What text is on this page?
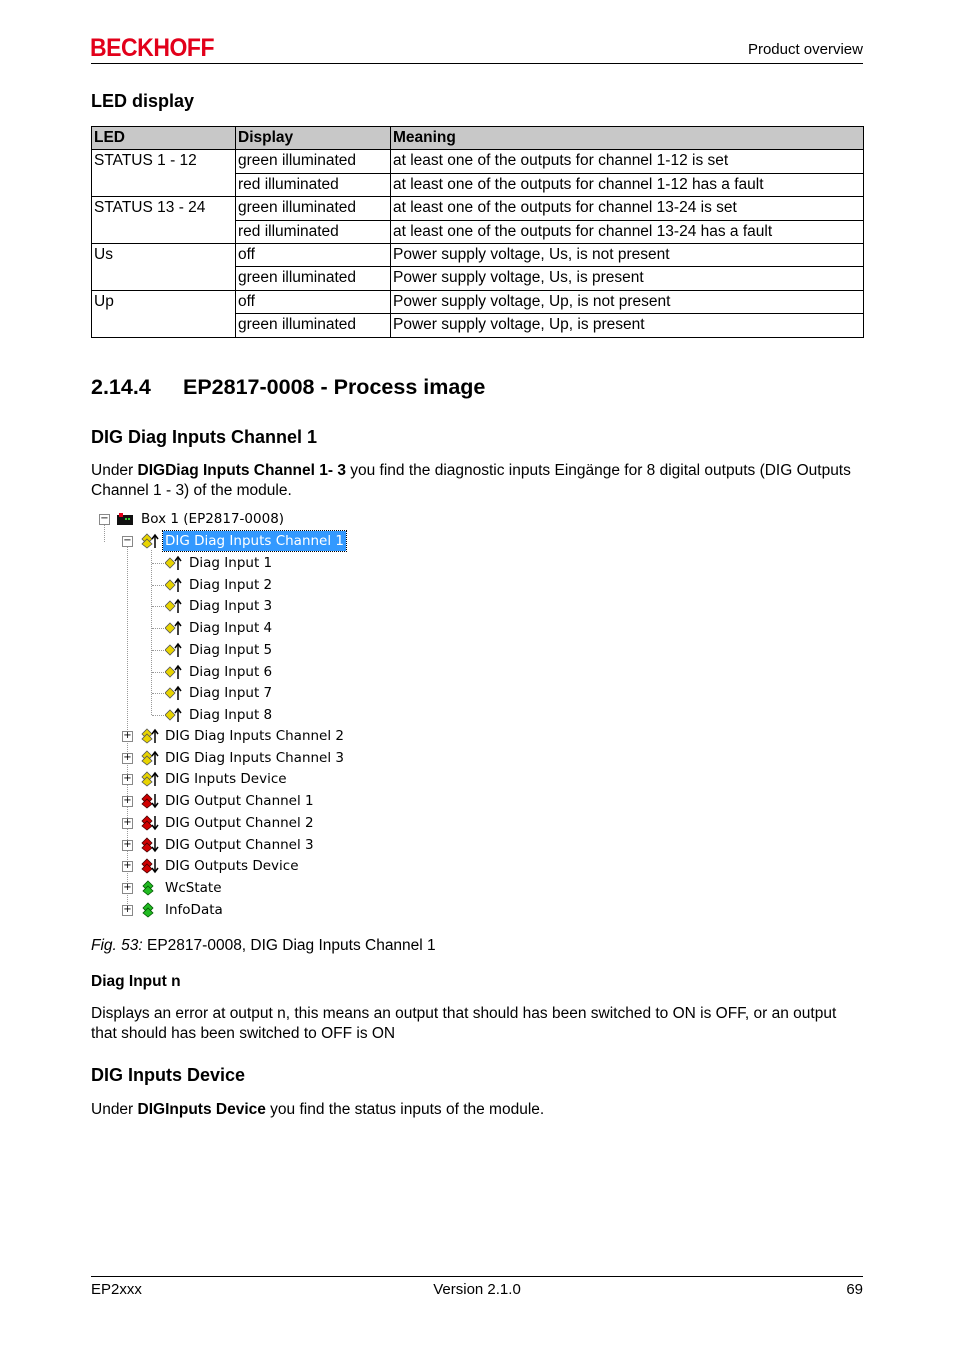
BECKHOFF	Product overview
LED display
LED	Display	Meaning
STATUS 1 - 12	green illuminated	at least one of the outputs for channel 1-12 is set
	red illuminated	at least one of the outputs for channel 1-12 has a fault
STATUS 13 - 24	green illuminated	at least one of the outputs for channel 13-24 is set
	red illuminated	at least one of the outputs for channel 13-24 has a fault
Us	off	Power supply voltage, Us, is not present
	green illuminated	Power supply voltage, Us, is present
Up	off	Power supply voltage, Up, is not present
	green illuminated	Power supply voltage, Up, is present
2.14.4 EP2817-0008 - Process image
DIG Diag Inputs Channel 1
Under DIGDiag Inputs Channel 1- 3 you find the diagnostic inputs Eingänge for 8 digital outputs (DIG Outputs Channel 1 - 3) of the module.
− Box 1 (EP2817-0008)
− DIG Diag Inputs Channel 1
Diag Input 1
Diag Input 2
Diag Input 3
Diag Input 4
Diag Input 5
Diag Input 6
Diag Input 7
Diag Input 8
+ DIG Diag Inputs Channel 2
+ DIG Diag Inputs Channel 3
+ DIG Inputs Device
+ DIG Output Channel 1
+ DIG Output Channel 2
+ DIG Output Channel 3
+ DIG Outputs Device
+ WcState
+ InfoData
Fig. 53: EP2817-0008, DIG Diag Inputs Channel 1
Diag Input n
Displays an error at output n, this means an output that should has been switched to ON is OFF, or an output that should has been switched to OFF is ON
DIG Inputs Device
Under DIGInputs Device you find the status inputs of the module.
EP2xxx	Version 2.1.0	69
